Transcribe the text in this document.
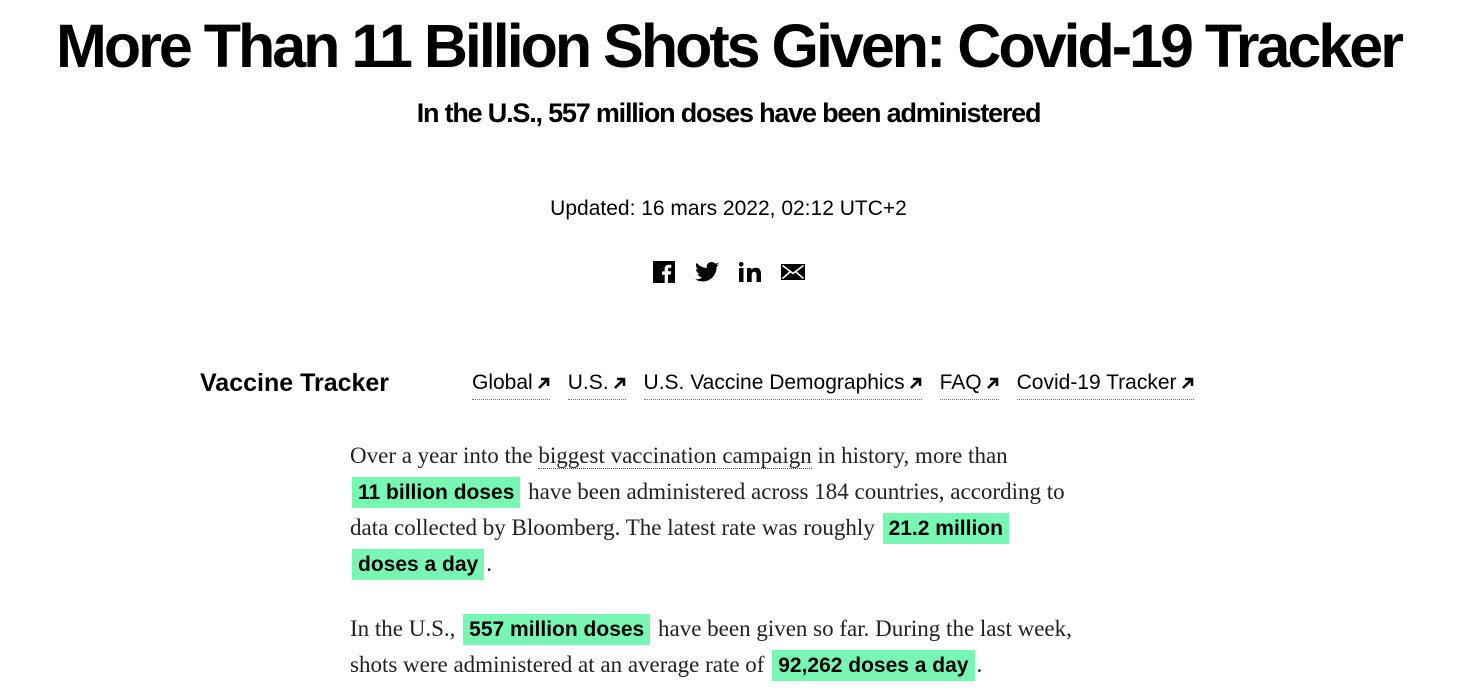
More Than 11 Billion Shots Given: Covid-19 Tracker
In the U.S., 557 million doses have been administered
Updated: 16 mars 2022, 02:12 UTC+2
Vaccine Tracker	Global U.S. U.S. Vaccine Demographics FAQ Covid-19 Tracker
Over a year into the biggest vaccination campaign in history, more than
11 billion doses have been administered across 184 countries, according to
data collected by Bloomberg. The latest rate was roughly 21.2 million
doses a day .
In the U.S., 557 million doses have been given so far. During the last week,
shots were administered at an average rate of 92,262 doses a day .
